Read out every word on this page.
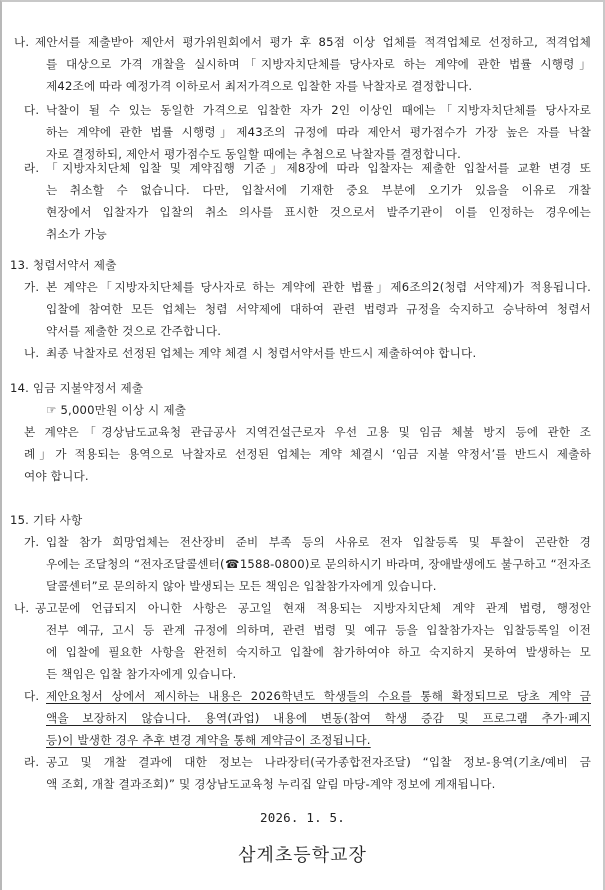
나. 제안서를 제출받아 제안서 평가위원회에서 평가 후 85점 이상 업체를 적격업체로 선정하고, 적격업체
를 대상으로 가격 개찰을 실시하며「지방자치단체를 당사자로 하는 계약에 관한 법률 시행령」
제42조에 따라 예정가격 이하로서 최저가격으로 입찰한 자를 낙찰자로 결정합니다.
다. 낙찰이 될 수 있는 동일한 가격으로 입찰한 자가 2인 이상인 때에는「지방자치단체를 당사자로
하는 계약에 관한 법률 시행령」제43조의 규정에 따라 제안서 평가점수가 가장 높은 자를 낙찰
자로 결정하되, 제안서 평가점수도 동일할 때에는 추첨으로 낙찰자를 결정합니다.
라. 「지방자치단체 입찰 및 계약집행 기준」제8장에 따라 입찰자는 제출한 입찰서를 교환 변경 또
는 취소할 수 없습니다. 다만, 입찰서에 기재한 중요 부분에 오기가 있음을 이유로 개찰
현장에서 입찰자가 입찰의 취소 의사를 표시한 것으로서 발주기관이 이를 인정하는 경우에는
취소가 가능
13. 청렴서약서 제출
가. 본 계약은「지방자치단체를 당사자로 하는 계약에 관한 법률」제6조의2(청렴 서약제)가 적용됩니다.
입찰에 참여한 모든 업체는 청렴 서약제에 대하여 관련 법령과 규정을 숙지하고 승낙하여 청렴서
약서를 제출한 것으로 간주합니다.
나. 최종 낙찰자로 선정된 업체는 계약 체결 시 청렴서약서를 반드시 제출하여야 합니다.
14. 임금 지불약정서 제출
☞ 5,000만원 이상 시 제출
본 계약은「경상남도교육청 관급공사 지역건설근로자 우선 고용 및 임금 체불 방지 등에 관한 조
례」가 적용되는 용역으로 낙찰자로 선정된 업체는 계약 체결시 ‘임금 지불 약정서’를 반드시 제출하
여야 합니다.
15. 기타 사항
가. 입찰 참가 희망업체는 전산장비 준비 부족 등의 사유로 전자 입찰등록 및 투찰이 곤란한 경
우에는 조달청의 “전자조달콜센터(☎1588-0800)로 문의하시기 바라며, 장애발생에도 불구하고 “전자조
달콜센터”로 문의하지 않아 발생되는 모든 책임은 입찰참가자에게 있습니다.
나. 공고문에 언급되지 아니한 사항은 공고일 현재 적용되는 지방자치단체 계약 관계 법령, 행정안
전부 예규, 고시 등 관계 규정에 의하며, 관련 법령 및 예규 등을 입찰참가자는 입찰등록일 이전
에 입찰에 필요한 사항을 완전히 숙지하고 입찰에 참가하여야 하고 숙지하지 못하여 발생하는 모
든 책임은 입찰 참가자에게 있습니다.
다. 제안요청서 상에서 제시하는 내용은 2026학년도 학생들의 수요를 통해 확정되므로 당초 계약 금
액을 보장하지 않습니다. 용역(과업) 내용에 변동(참여 학생 증감 및 프로그램 추가·폐지
등)이 발생한 경우 추후 변경 계약을 통해 계약금이 조정됩니다.
라. 공고 및 개찰 결과에 대한 정보는 나라장터(국가종합전자조달) “입찰 정보-용역(기초/예비 금
액 조회, 개찰 결과조회)” 및 경상남도교육청 누리집 알림 마당-계약 정보에 게재됩니다.
2026. 1. 5.
삼계초등학교장
